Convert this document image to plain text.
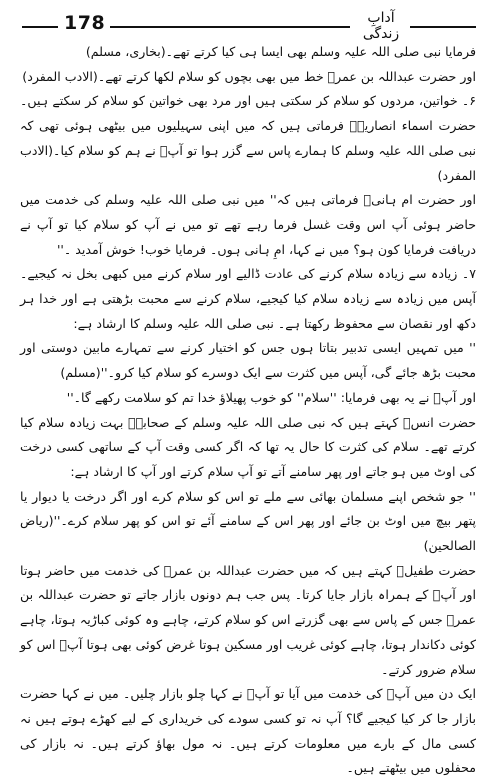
178	آدابِ زندگی

فرمایا نبی صلی اللہ علیہ وسلم بھی ایسا ہی کیا کرتے تھے۔(بخاری، مسلم)

اور حضرت عبداللہ بن عمرؓ خط میں بھی بچوں کو سلام لکھا کرتے تھے۔(الادب المفرد)

۶۔ خواتین، مردوں کو سلام کر سکتی ہیں اور مرد بھی خواتین کو سلام کر سکتے ہیں۔ حضرت اسماء انصاریہؓ فرماتی ہیں کہ میں اپنی سہیلیوں میں بیٹھی ہوئی تھی کہ نبی صلی اللہ علیہ وسلم کا ہمارے پاس سے گزر ہوا تو آپؐ نے ہم کو سلام کیا۔(الادب المفرد)

اور حضرت ام ہانیؓ فرماتی ہیں کہ'' میں نبی صلی اللہ علیہ وسلم کی خدمت میں حاضر ہوئی آپ اس وقت غسل فرما رہے تھے تو میں نے آپ کو سلام کیا تو آپ نے دریافت فرمایا کون ہو؟ میں نے کہا، امِ ہانی ہوں۔ فرمایا خوب! خوش آمدید ۔''

۷۔ زیادہ سے زیادہ سلام کرنے کی عادت ڈالیے اور سلام کرنے میں کبھی بخل نہ کیجیے۔ آپس میں زیادہ سے زیادہ سلام کیا کیجیے، سلام کرنے سے محبت بڑھتی ہے اور خدا ہر دکھ اور نقصان سے محفوظ رکھتا ہے۔ نبی صلی اللہ علیہ وسلم کا ارشاد ہے:

'' میں تمہیں ایسی تدبیر بتاتا ہوں جس کو اختیار کرنے سے تمہارے مابین دوستی اور محبت بڑھ جائے گی، آپس میں کثرت سے ایک دوسرے کو سلام کیا کرو۔''(مسلم)

اور آپؐ نے یہ بھی فرمایا: ''سلام'' کو خوب پھیلاؤ خدا تم کو سلامت رکھے گا۔''

حضرت انسؓ کہتے ہیں کہ نبی صلی اللہ علیہ وسلم کے صحابہؓ بہت زیادہ سلام کیا کرتے تھے۔ سلام کی کثرت کا حال یہ تھا کہ اگر کسی وقت آپ کے ساتھی کسی درخت کی اوٹ میں ہو جاتے اور پھر سامنے آتے تو آپ سلام کرتے اور آپ کا ارشاد ہے:

'' جو شخص اپنے مسلمان بھائی سے ملے تو اس کو سلام کرے اور اگر درخت یا دیوار یا پتھر بیچ میں اوٹ بن جائے اور پھر اس کے سامنے آئے تو اس کو پھر سلام کرے۔''(ریاض الصالحین)

حضرت طفیلؒ کہتے ہیں کہ میں حضرت عبداللہ بن عمرؓ کی خدمت میں حاضر ہوتا اور آپؓ کے ہمراہ بازار جایا کرتا۔ پس جب ہم دونوں بازار جاتے تو حضرت عبداللہ بن عمرؓ جس کے پاس سے بھی گزرتے اس کو سلام کرتے، چاہے وہ کوئی کباڑیہ ہوتا، چاہے کوئی دکاندار ہوتا، چاہے کوئی غریب اور مسکین ہوتا غرض کوئی بھی ہوتا آپؓ اس کو سلام ضرور کرتے۔

ایک دن میں آپؓ کی خدمت میں آیا تو آپؓ نے کہا چلو بازار چلیں۔ میں نے کہا حضرت بازار جا کر کیا کیجیے گا؟ آپ نہ تو کسی سودے کی خریداری کے لیے کھڑے ہوتے ہیں نہ کسی مال کے بارے میں معلومات کرتے ہیں۔ نہ مول بھاؤ کرتے ہیں۔ نہ بازار کی محفلوں میں بیٹھتے ہیں۔
